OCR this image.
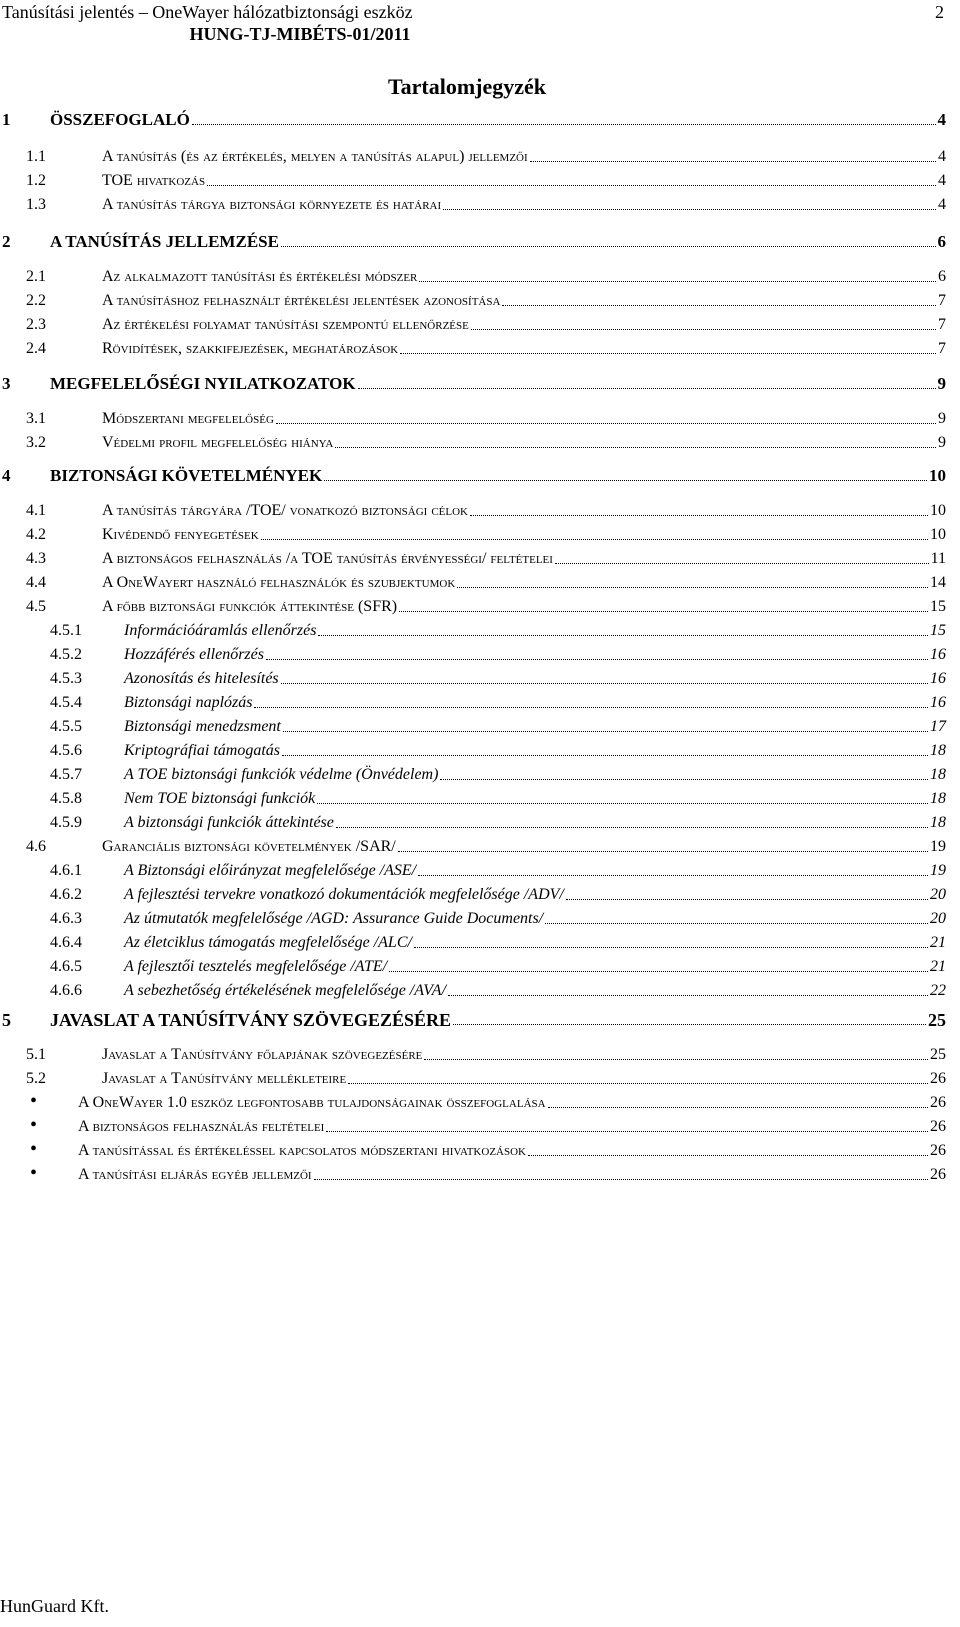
Tanúsítási jelentés – OneWayer hálózatbiztonsági eszköz	2
HUNG-TJ-MIBÉTS-01/2011
Tartalomjegyzék
1 ÖSSZEFOGLALÓ	4
1.1	A tanúsítás (és az értékelés, melyen a tanúsítás alapul) jellemzői	4
1.2	TOE hivatkozás	4
1.3	A tanúsítás tárgya biztonsági környezete és határai	4
2 A TANÚSÍTÁS JELLEMZÉSE	6
2.1	Az alkalmazott tanúsítási és értékelési módszer	6
2.2	A tanúsításhoz felhasznált értékelési jelentések azonosítása	7
2.3	Az értékelési folyamat tanúsítási szempontú ellenőrzése	7
2.4	Rövidítések, szakkifejezések, meghatározások	7
3 MEGFELELŐSÉGI NYILATKOZATOK	9
3.1	Módszertani megfelelőség	9
3.2	Védelmi profil megfelelőség hiánya	9
4 BIZTONSÁGI KÖVETELMÉNYEK	10
4.1	A tanúsítás tárgyára /TOE/ vonatkozó biztonsági célok	10
4.2	Kivédendő fenyegetések	10
4.3	A biztonságos felhasználás /a TOE tanúsítás érvényességi/ feltételei	11
4.4	A OneWayert használó felhasználók és szubjektumok	14
4.5	A főbb biztonsági funkciók áttekintése (SFR)	15
4.5.1	Információáramlás ellenőrzés	15
4.5.2	Hozzáférés ellenőrzés	16
4.5.3	Azonosítás és hitelesítés	16
4.5.4	Biztonsági naplózás	16
4.5.5	Biztonsági menedzsment	17
4.5.6	Kriptográfiai támogatás	18
4.5.7	A TOE biztonsági funkciók védelme (Önvédelem)	18
4.5.8	Nem TOE biztonsági funkciók	18
4.5.9	A biztonsági funkciók áttekintése	18
4.6	Garanciális biztonsági követelmények /SAR/	19
4.6.1	A Biztonsági előirányzat megfelelősége /ASE/	19
4.6.2	A fejlesztési tervekre vonatkozó dokumentációk megfelelősége /ADV/	20
4.6.3	Az útmutatók megfelelősége /AGD: Assurance Guide Documents/	20
4.6.4	Az életciklus támogatás megfelelősége /ALC/	21
4.6.5	A fejlesztői tesztelés megfelelősége /ATE/	21
4.6.6	A sebezhetőség értékelésének megfelelősége /AVA/	22
5 JAVASLAT A TANÚSÍTVÁNY SZÖVEGEZÉSÉRE	25
5.1	Javaslat a Tanúsítvány főlapjának szövegezésére	25
5.2	Javaslat a Tanúsítvány mellékleteire	26
•	A OneWayer 1.0 eszköz legfontosabb tulajdonságainak összefoglalása	26
•	A biztonságos felhasználás feltételei	26
•	A tanúsítással és értékeléssel kapcsolatos módszertani hivatkozások	26
•	A tanúsítási eljárás egyéb jellemzői	26
HunGuard Kft.
